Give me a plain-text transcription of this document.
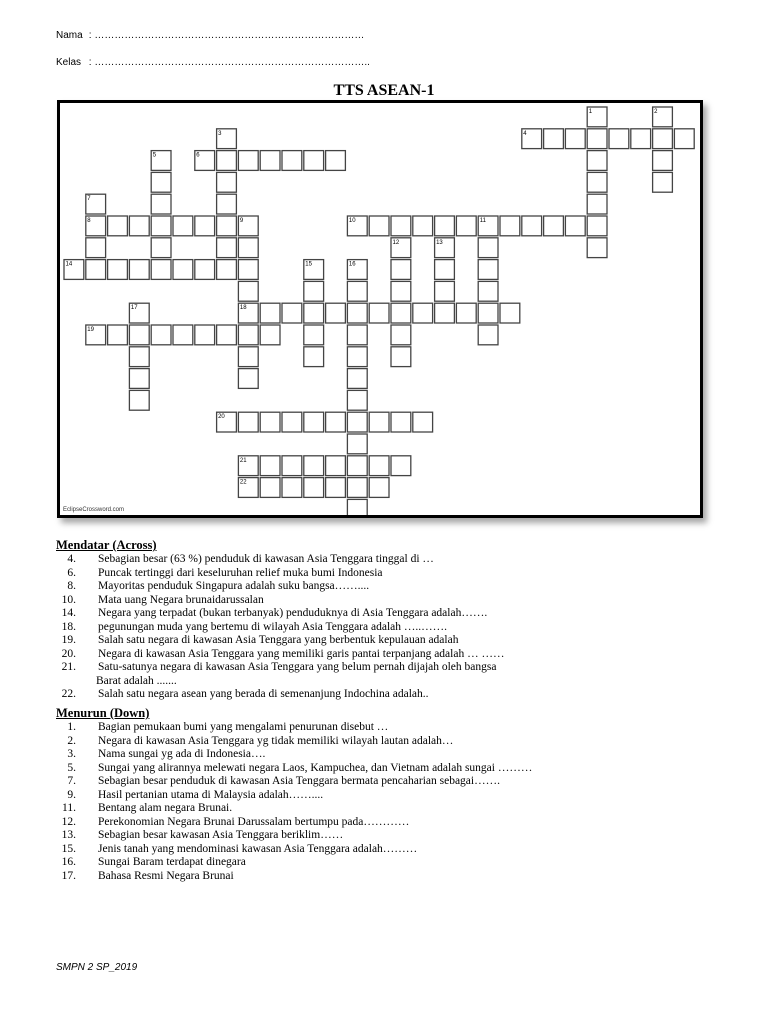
Nama : ………………………………………………………………………
Kelas : ………………………………………………………………………..
TTS ASEAN-1
1	2
3	4
5	6
7
8	9	10	11
12	13
14	15	16
17	18
19
20
21
22
EclipseCrossword.com
Mendatar (Across)
4. Sebagian besar (63 %) penduduk di kawasan Asia Tenggara tinggal di …
6. Puncak tertinggi dari keseluruhan relief muka bumi Indonesia
8. Mayoritas penduduk Singapura adalah suku bangsa……....
10. Mata uang Negara brunaidarussalan
14. Negara yang terpadat (bukan terbanyak) penduduknya di Asia Tenggara adalah…….
18. pegunungan muda yang bertemu di wilayah Asia Tenggara adalah …..…….
19. Salah satu negara di kawasan Asia Tenggara yang berbentuk kepulauan adalah
20. Negara di kawasan Asia Tenggara yang memiliki garis pantai terpanjang adalah … ……
21. Satu-satunya negara di kawasan Asia Tenggara yang belum pernah dijajah oleh bangsa
Barat adalah .......
22. Salah satu negara asean yang berada di semenanjung Indochina adalah..
Menurun (Down)
1. Bagian pemukaan bumi yang mengalami penurunan disebut …
2. Negara di kawasan Asia Tenggara yg tidak memiliki wilayah lautan adalah…
3. Nama sungai yg ada di Indonesia….
5. Sungai yang alirannya melewati negara Laos, Kampuchea, dan Vietnam adalah sungai ………
7. Sebagian besar penduduk di kawasan Asia Tenggara bermata pencaharian sebagai…….
9. Hasil pertanian utama di Malaysia adalah……....
11. Bentang alam negara Brunai.
12. Perekonomian Negara Brunai Darussalam bertumpu pada…………
13. Sebagian besar kawasan Asia Tenggara beriklim……
15. Jenis tanah yang mendominasi kawasan Asia Tenggara adalah………
16. Sungai Baram terdapat dinegara
17. Bahasa Resmi Negara Brunai
SMPN 2 SP_2019
